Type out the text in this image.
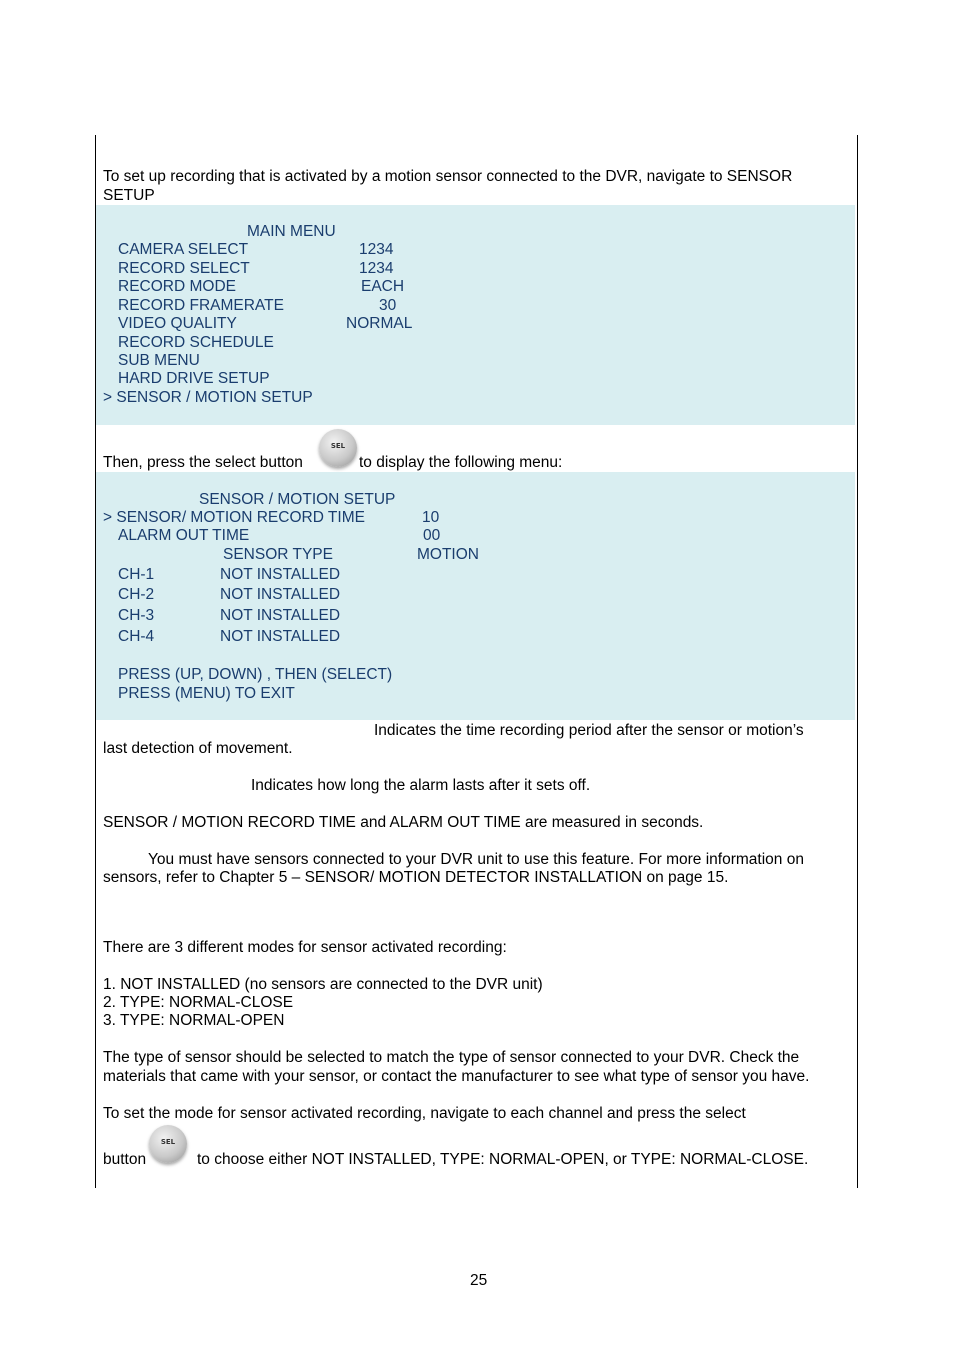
To set up recording that is activated by a motion sensor connected to the DVR, navigate to SENSOR SETUP
MAIN MENU
CAMERA SELECT	1234
RECORD SELECT	1234
RECORD MODE	EACH
RECORD FRAMERATE	30
VIDEO QUALITY	NORMAL
RECORD SCHEDULE
SUB MENU
HARD DRIVE SETUP
> SENSOR / MOTION SETUP
Then, press the select button
SEL
to display the following menu:
SENSOR / MOTION SETUP
> SENSOR/ MOTION RECORD TIME	10
ALARM OUT TIME	00
SENSOR TYPE	MOTION
CH-1	NOT INSTALLED
CH-2	NOT INSTALLED
CH-3	NOT INSTALLED
CH-4	NOT INSTALLED
PRESS (UP, DOWN) , THEN (SELECT)
PRESS (MENU) TO EXIT
Indicates the time recording period after the sensor or motion’s
last detection of movement.
Indicates how long the alarm lasts after it sets off.
SENSOR / MOTION RECORD TIME and ALARM OUT TIME are measured in seconds.
You must have sensors connected to your DVR unit to use this feature. For more information on
sensors, refer to Chapter 5 – SENSOR/ MOTION DETECTOR INSTALLATION on page 15.
There are 3 different modes for sensor activated recording:
1. NOT INSTALLED (no sensors are connected to the DVR unit)
2. TYPE: NORMAL-CLOSE
3. TYPE: NORMAL-OPEN
The type of sensor should be selected to match the type of sensor connected to your DVR. Check the
materials that came with your sensor, or contact the manufacturer to see what type of sensor you have.
To set the mode for sensor activated recording, navigate to each channel and press the select
button
SEL
to choose either NOT INSTALLED, TYPE: NORMAL-OPEN, or TYPE: NORMAL-CLOSE.
25
